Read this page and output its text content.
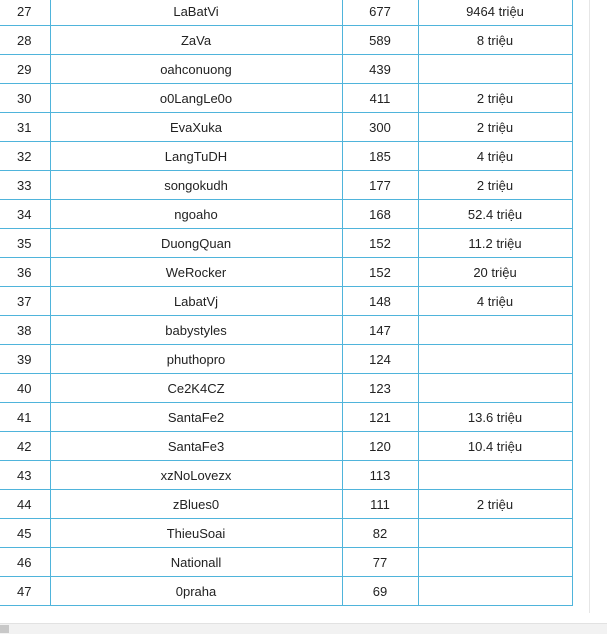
27	LaBatVi	677	9464 triệu
28	ZaVa	589	8 triệu
29	oahconuong	439	
30	o0LangLe0o	411	2 triệu
31	EvaXuka	300	2 triệu
32	LangTuDH	185	4 triệu
33	songokudh	177	2 triệu
34	ngoaho	168	52.4 triệu
35	DuongQuan	152	11.2 triệu
36	WeRocker	152	20 triệu
37	LabatVj	148	4 triệu
38	babystyles	147	
39	phuthopro	124	
40	Ce2K4CZ	123	
41	SantaFe2	121	13.6 triệu
42	SantaFe3	120	10.4 triệu
43	xzNoLovezx	113	
44	zBlues0	111	2 triệu
45	ThieuSoai	82	
46	Nationall	77	
47	0praha	69	
